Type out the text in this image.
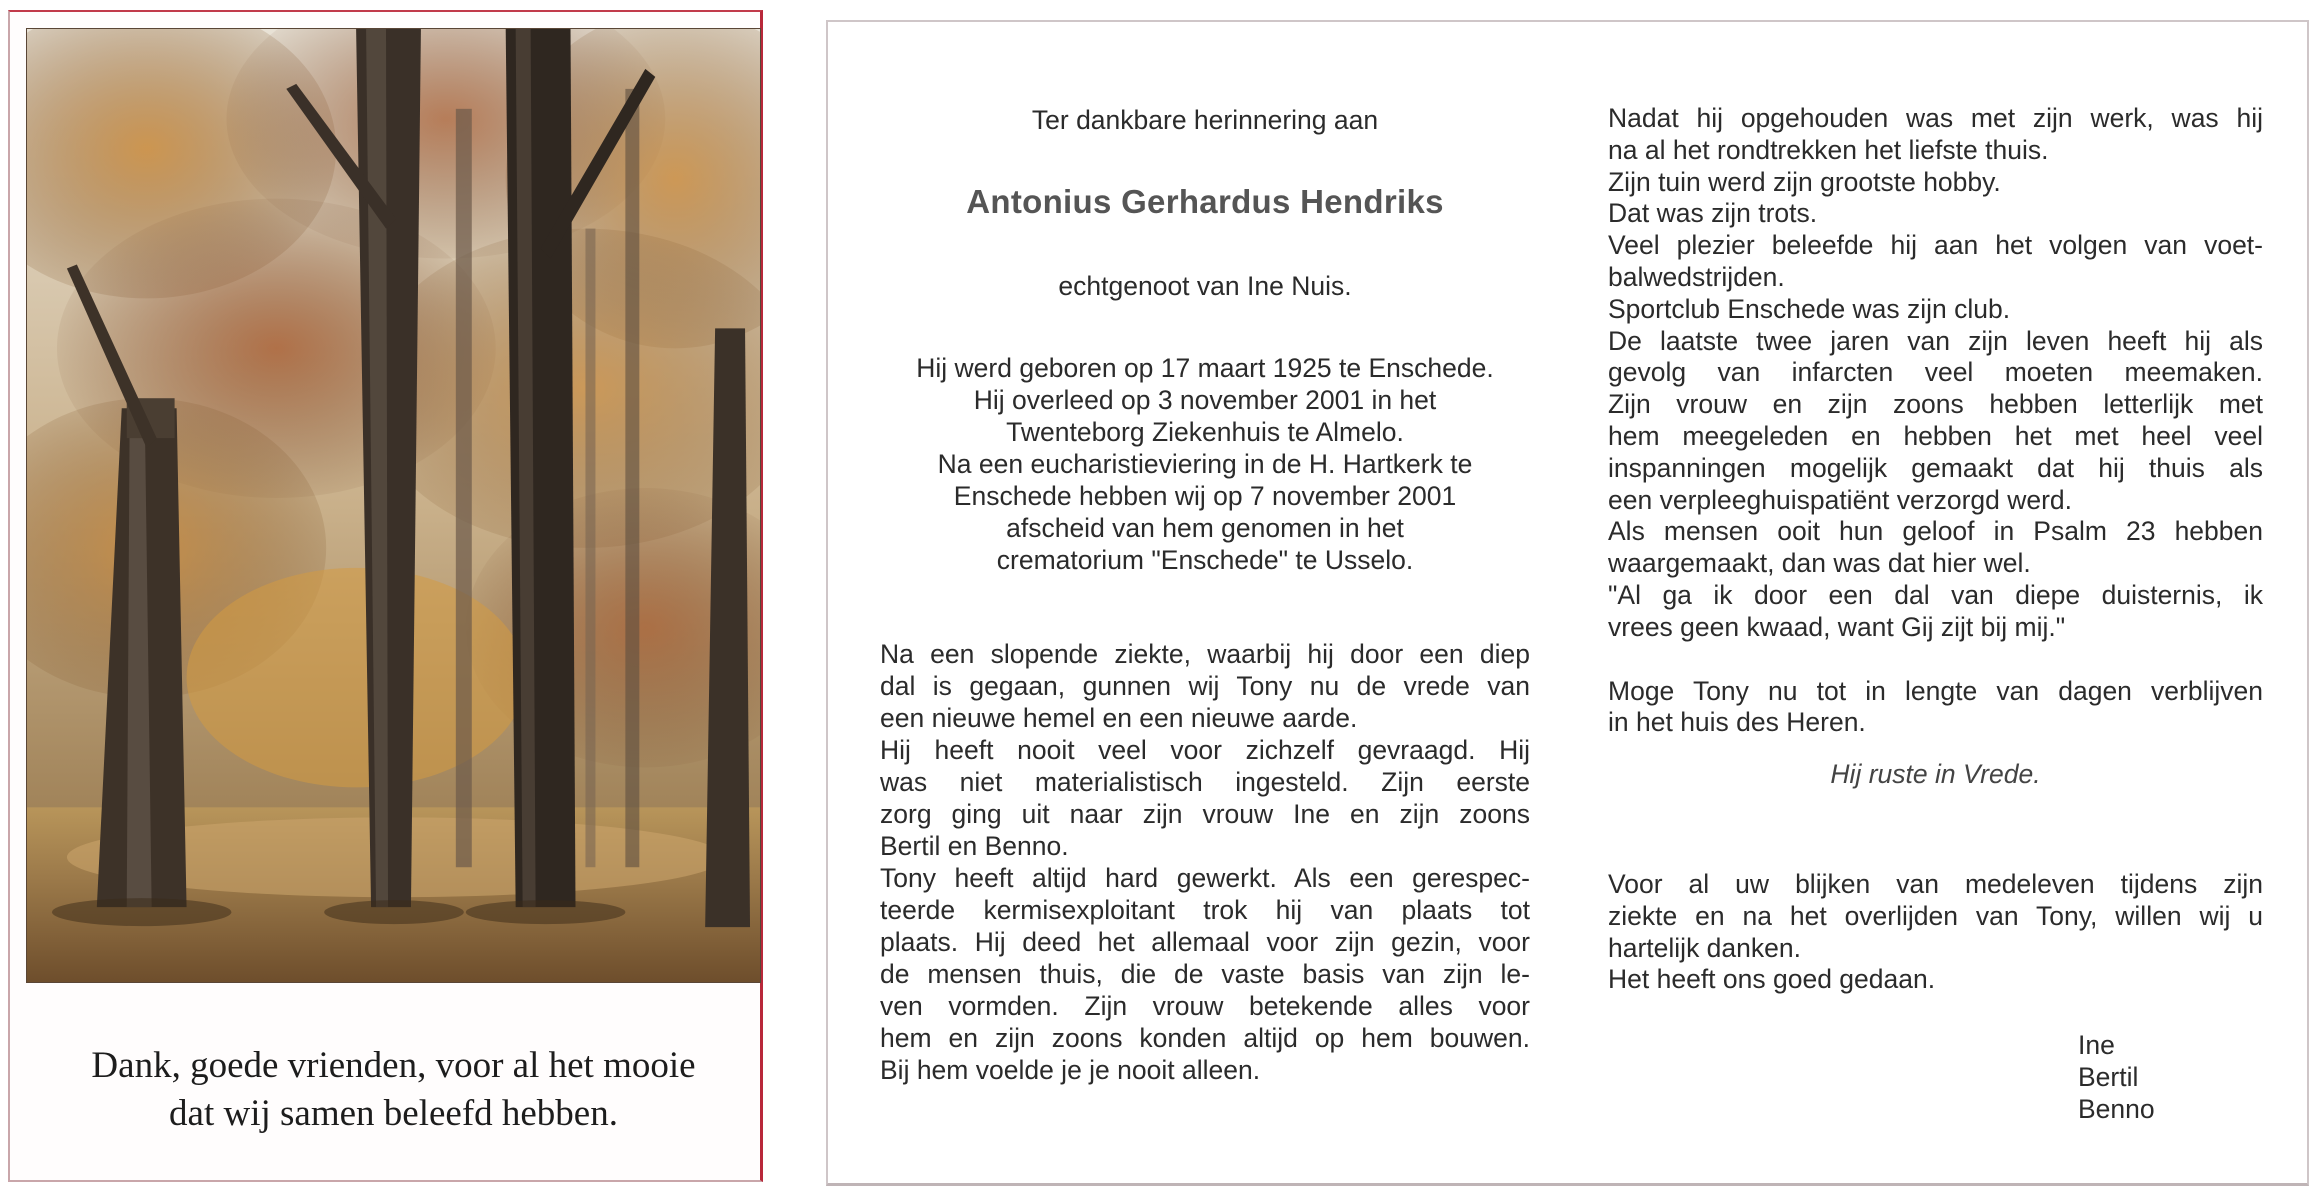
Dank, goede vrienden, voor al het mooie
dat wij samen beleefd hebben.
Ter dankbare herinnering aan
Antonius Gerhardus Hendriks
echtgenoot van Ine Nuis.
Hij werd geboren op 17 maart 1925 te Enschede.
Hij overleed op 3 november 2001 in het
Twenteborg Ziekenhuis te Almelo.
Na een eucharistieviering in de H. Hartkerk te
Enschede hebben wij op 7 november 2001
afscheid van hem genomen in het
crematorium "Enschede" te Usselo.
Na een slopende ziekte, waarbij hij door een diep
dal is gegaan, gunnen wij Tony nu de vrede van
een nieuwe hemel en een nieuwe aarde.
Hij heeft nooit veel voor zichzelf gevraagd. Hij
was niet materialistisch ingesteld. Zijn eerste
zorg ging uit naar zijn vrouw Ine en zijn zoons
Bertil en Benno.
Tony heeft altijd hard gewerkt. Als een gerespec-
teerde kermisexploitant trok hij van plaats tot
plaats. Hij deed het allemaal voor zijn gezin, voor
de mensen thuis, die de vaste basis van zijn le-
ven vormden. Zijn vrouw betekende alles voor
hem en zijn zoons konden altijd op hem bouwen.
Bij hem voelde je je nooit alleen.
Nadat hij opgehouden was met zijn werk, was hij
na al het rondtrekken het liefste thuis.
Zijn tuin werd zijn grootste hobby.
Dat was zijn trots.
Veel plezier beleefde hij aan het volgen van voet-
balwedstrijden.
Sportclub Enschede was zijn club.
De laatste twee jaren van zijn leven heeft hij als
gevolg van infarcten veel moeten meemaken.
Zijn vrouw en zijn zoons hebben letterlijk met
hem meegeleden en hebben het met heel veel
inspanningen mogelijk gemaakt dat hij thuis als
een verpleeghuispatiënt verzorgd werd.
Als mensen ooit hun geloof in Psalm 23 hebben
waargemaakt, dan was dat hier wel.
"Al ga ik door een dal van diepe duisternis, ik
vrees geen kwaad, want Gij zijt bij mij."
Moge Tony nu tot in lengte van dagen verblijven
in het huis des Heren.
Hij ruste in Vrede.
Voor al uw blijken van medeleven tijdens zijn
ziekte en na het overlijden van Tony, willen wij u
hartelijk danken.
Het heeft ons goed gedaan.
Ine
Bertil
Benno
